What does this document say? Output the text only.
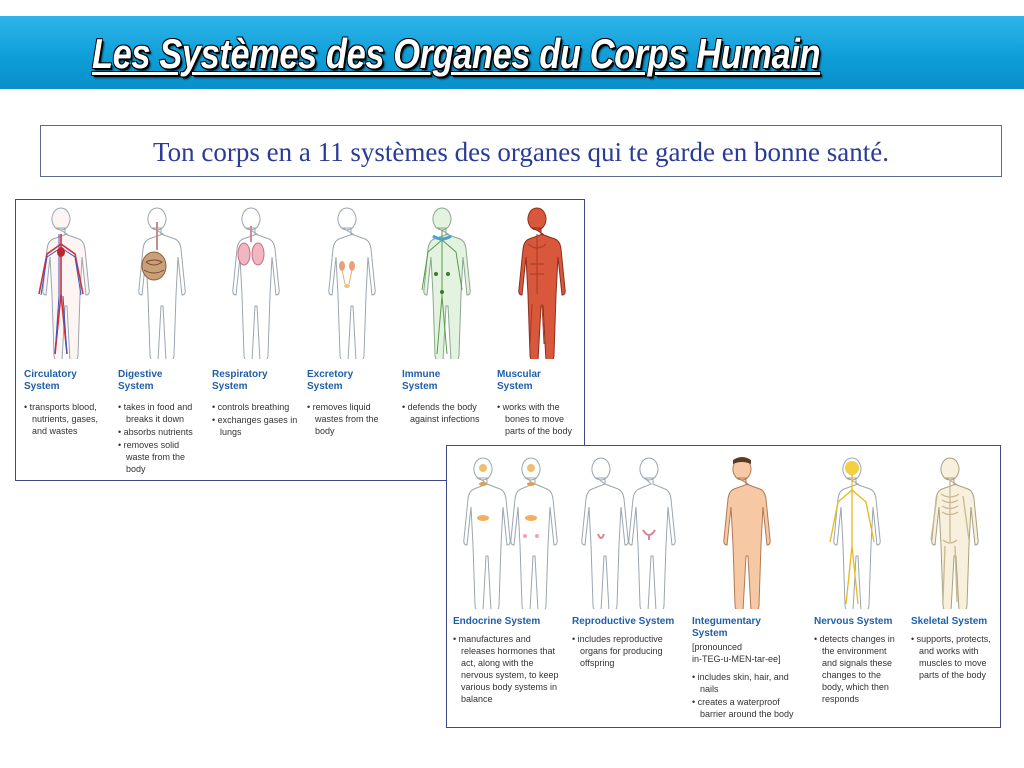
Les Systèmes des Organes du Corps Humain
Ton corps en a 11 systèmes des organes qui te garde en bonne santé.
Circulatory
System
• transports blood, nutrients, gases, and wastes
Digestive
System
• takes in food and breaks it down
• absorbs nutrients
• removes solid waste from the body
Respiratory
System
• controls breathing
• exchanges gases in lungs
Excretory
System
• removes liquid wastes from the body
Immune
System
• defends the body against infections
Muscular
System
• works with the bones to move parts of the body
Endocrine System
• manufactures and releases hormones that act, along with the nervous system, to keep various body systems in balance
Reproductive System
• includes reproductive organs for producing offspring
Integumentary
System
[pronounced
in-TEG-u-MEN-tar-ee]
• includes skin, hair, and nails
• creates a waterproof barrier around the body
Nervous System
• detects changes in the environment and signals these changes to the body, which then responds
Skeletal System
• supports, protects, and works with muscles to move parts of the body
